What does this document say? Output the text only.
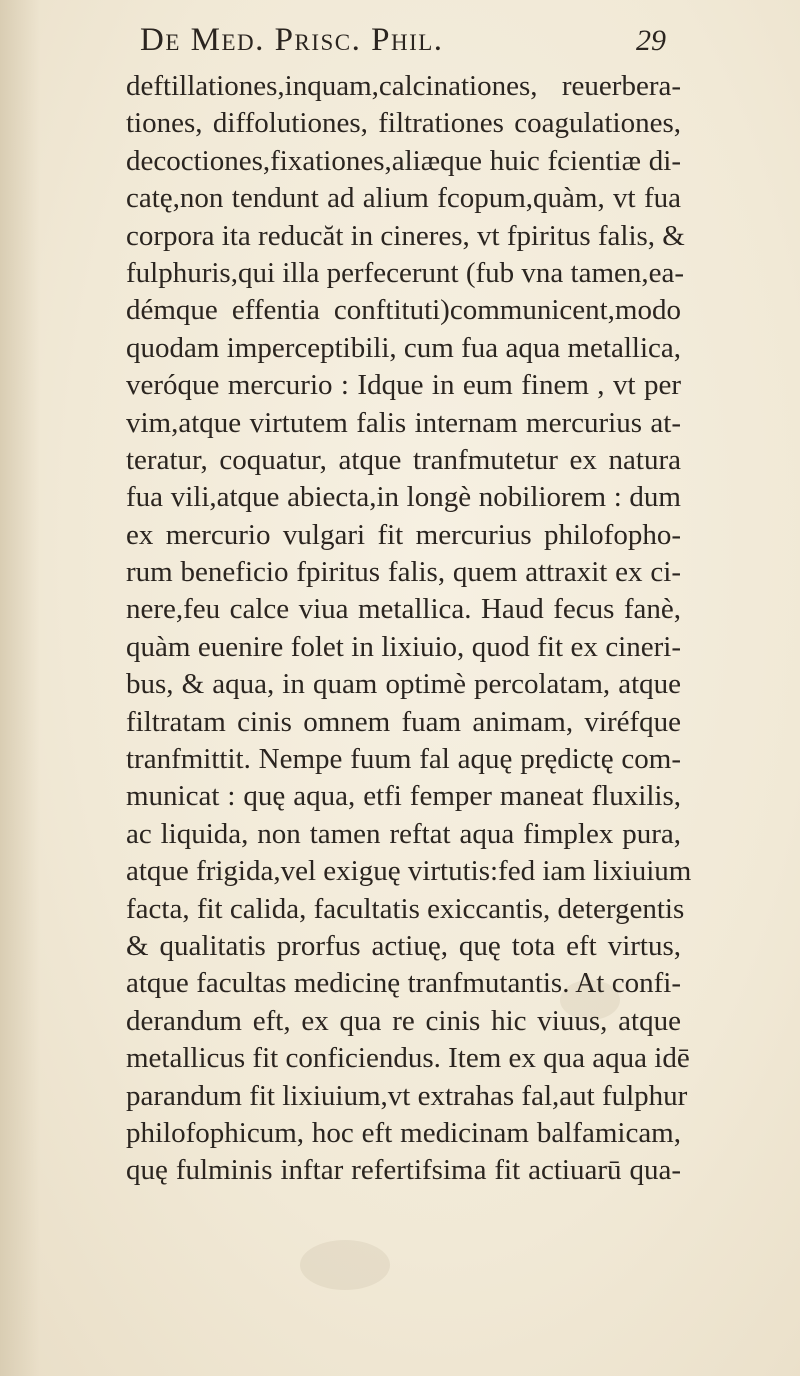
De Med. Prisc. Phil.	29
deftillationes,inquam,calcinationes, reuerbera-
tiones, diffolutiones, filtrationes coagulationes,
decoctiones,fixationes,aliæque huic fcientiæ di-
catę,non tendunt ad alium fcopum,quàm, vt fua
corpora ita reducăt in cineres, vt fpiritus falis, &
fulphuris,qui illa perfecerunt (fub vna tamen,ea-
démque effentia conftituti)communicent,modo
quodam imperceptibili, cum fua aqua metallica,
veróque mercurio : Idque in eum finem , vt per
vim,atque virtutem falis internam mercurius at-
teratur, coquatur, atque tranfmutetur ex natura
fua vili,atque abiecta,in longè nobiliorem : dum
ex mercurio vulgari fit mercurius philofopho-
rum beneficio fpiritus falis, quem attraxit ex ci-
nere,feu calce viua metallica. Haud fecus fanè,
quàm euenire folet in lixiuio, quod fit ex cineri-
bus, & aqua, in quam optimè percolatam, atque
filtratam cinis omnem fuam animam, viréfque
tranfmittit. Nempe fuum fal aquę prędictę com-
municat : quę aqua, etfi femper maneat fluxilis,
ac liquida, non tamen reftat aqua fimplex pura,
atque frigida,vel exiguę virtutis:fed iam lixiuium
facta, fit calida, facultatis exiccantis, detergentis
& qualitatis prorfus actiuę, quę tota eft virtus,
atque facultas medicinę tranfmutantis. At confi-
derandum eft, ex qua re cinis hic viuus, atque
metallicus fit conficiendus. Item ex qua aqua idē
parandum fit lixiuium,vt extrahas fal,aut fulphur
philofophicum, hoc eft medicinam balfamicam,
quę fulminis inftar refertifsima fit actiuarū qua-
